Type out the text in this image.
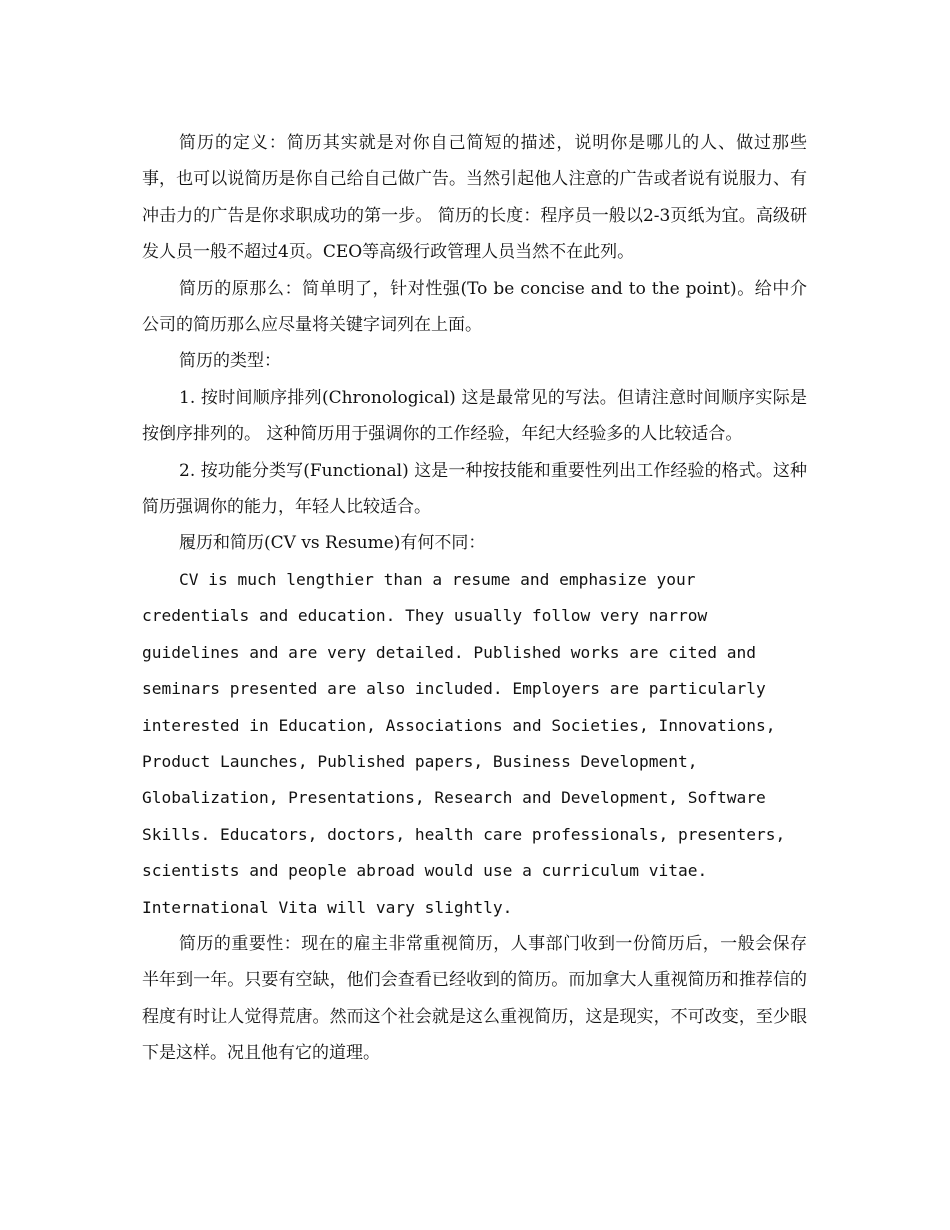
简历的定义：简历其实就是对你自己简短的描述，说明你是哪儿的人、做过那些事，也可以说简历是你自己给自己做广告。当然引起他人注意的广告或者说有说服力、有冲击力的广告是你求职成功的第一步。 简历的长度：程序员一般以2-3页纸为宜。高级研发人员一般不超过4页。CEO等高级行政管理人员当然不在此列。

简历的原那么：简单明了，针对性强(To be concise and to the point)。给中介公司的简历那么应尽量将关键字词列在上面。

简历的类型：

1. 按时间顺序排列(Chronological) 这是最常见的写法。但请注意时间顺序实际是按倒序排列的。 这种简历用于强调你的工作经验，年纪大经验多的人比较适合。

2. 按功能分类写(Functional) 这是一种按技能和重要性列出工作经验的格式。这种简历强调你的能力，年轻人比较适合。

履历和简历(CV vs Resume)有何不同：

CV is much lengthier than a resume and emphasize your credentials and education. They usually follow very narrow guidelines and are very detailed. Published works are cited and seminars presented are also included. Employers are particularly interested in Education, Associations and Societies, Innovations, Product Launches, Published papers, Business Development, Globalization, Presentations, Research and Development, Software Skills. Educators, doctors, health care professionals, presenters, scientists and people abroad would use a curriculum vitae. International Vita will vary slightly.

简历的重要性：现在的雇主非常重视简历，人事部门收到一份简历后，一般会保存半年到一年。只要有空缺，他们会查看已经收到的简历。而加拿大人重视简历和推荐信的程度有时让人觉得荒唐。然而这个社会就是这么重视简历，这是现实，不可改变，至少眼下是这样。况且他有它的道理。
